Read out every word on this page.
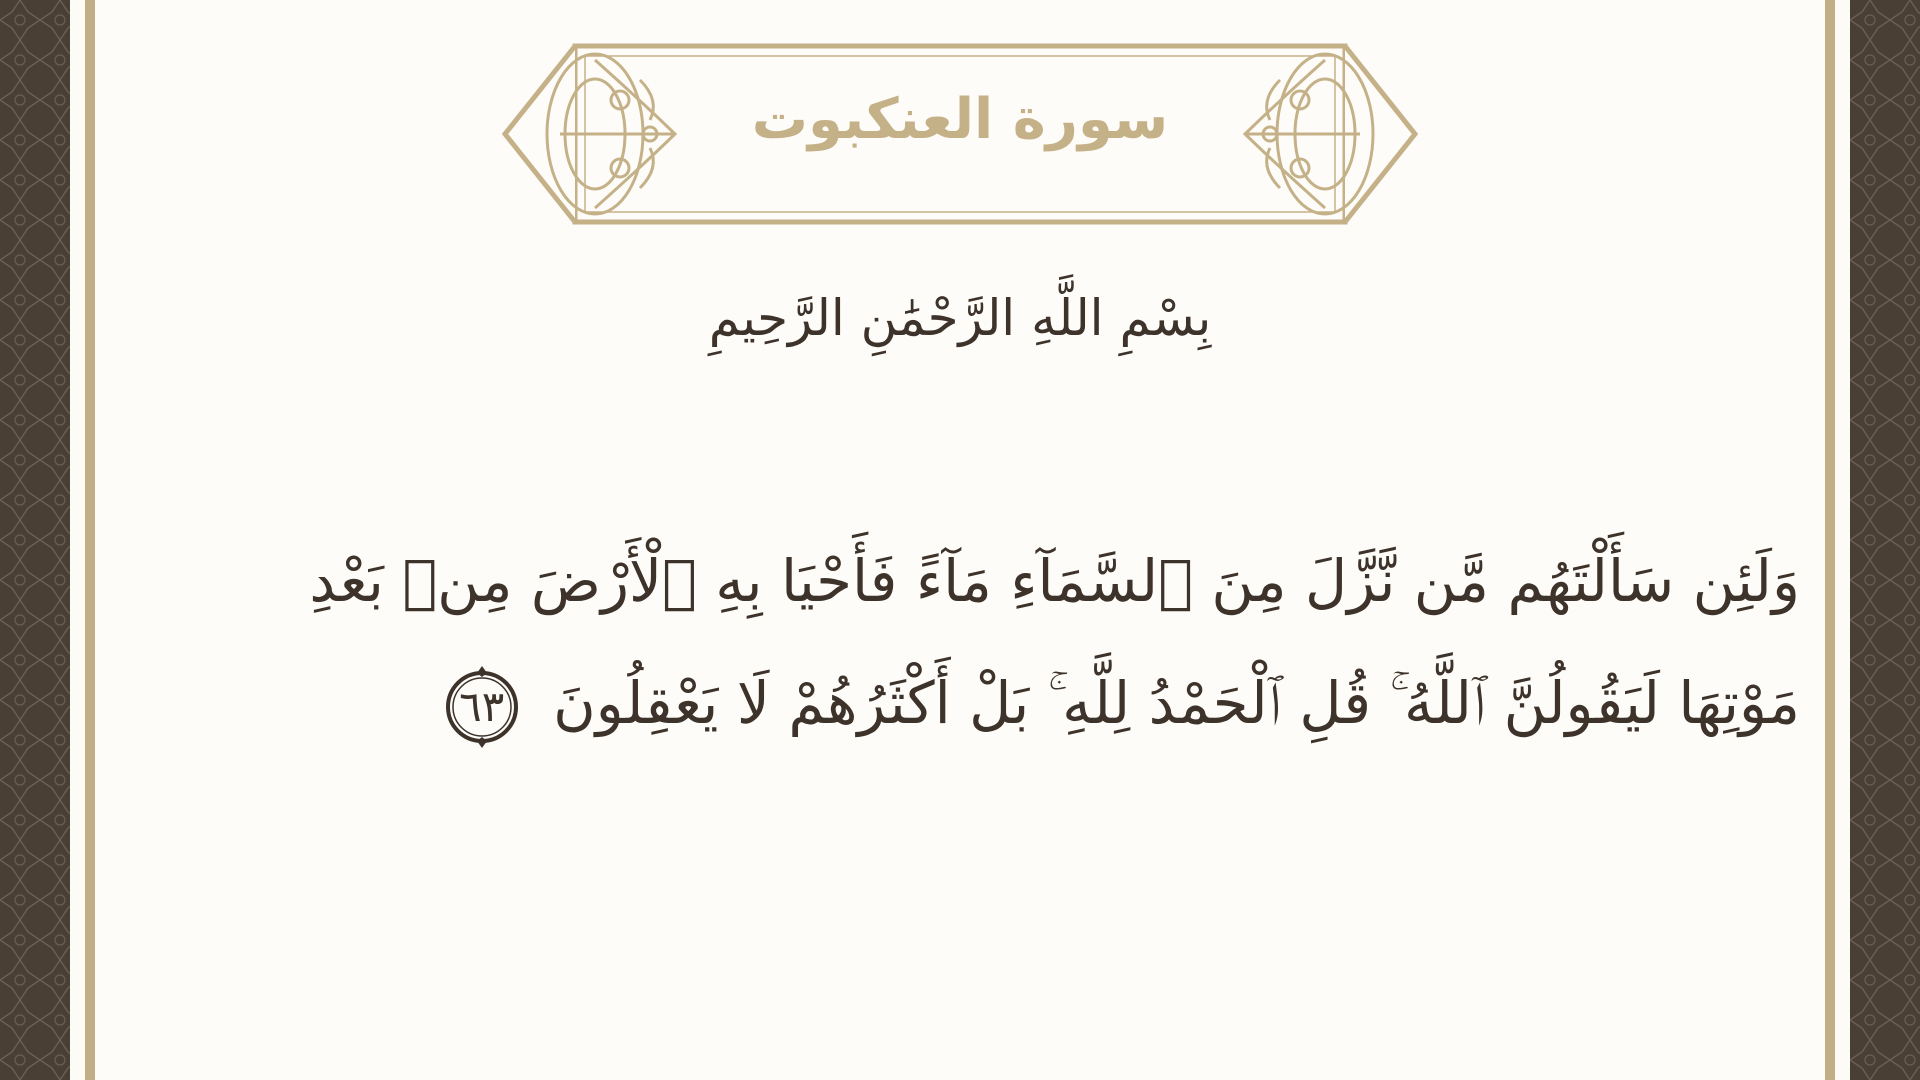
سورة العنكبوت
بِسْمِ اللَّهِ الرَّحْمَٰنِ الرَّحِيمِ
وَلَئِن سَأَلْتَهُم مَّن نَّزَّلَ مِنَ ٱلسَّمَآءِ مَآءً فَأَحْيَا بِهِ ٱلْأَرْضَ مِنۢ بَعْدِ
مَوْتِهَا لَيَقُولُنَّ ٱللَّهُ ۚ قُلِ ٱلْحَمْدُ لِلَّهِ ۚ بَلْ أَكْثَرُهُمْ لَا يَعْقِلُونَ
٦٣
